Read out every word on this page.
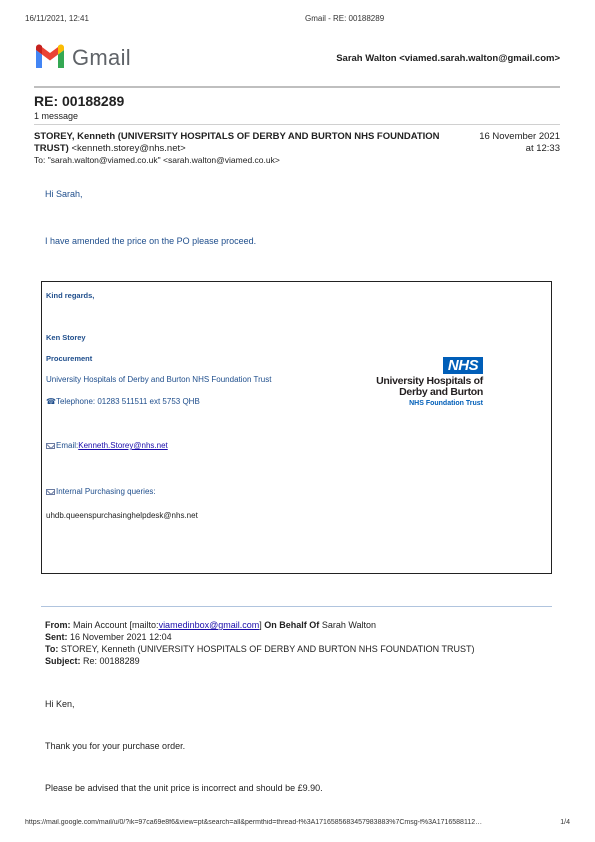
16/11/2021, 12:41	Gmail - RE: 00188289
Gmail	Sarah Walton <viamed.sarah.walton@gmail.com>
RE: 00188289
1 message
STOREY, Kenneth (UNIVERSITY HOSPITALS OF DERBY AND BURTON NHS FOUNDATION TRUST) <kenneth.storey@nhs.net>
16 November 2021
at 12:33
To: "sarah.walton@viamed.co.uk" <sarah.walton@viamed.co.uk>
Hi Sarah,
I have amended the price on the PO please proceed.
Kind regards,
Ken Storey
Procurement
University Hospitals of Derby and Burton NHS Foundation Trust
☎Telephone: 01283 511511 ext 5753 QHB
Email:Kenneth.Storey@nhs.net
Internal Purchasing queries:
uhdb.queenspurchasinghelpdesk@nhs.net
NHS
University Hospitals of
Derby and Burton
NHS Foundation Trust
From: Main Account [mailto:viamedinbox@gmail.com] On Behalf Of Sarah Walton
Sent: 16 November 2021 12:04
To: STOREY, Kenneth (UNIVERSITY HOSPITALS OF DERBY AND BURTON NHS FOUNDATION TRUST)
Subject: Re: 00188289
Hi Ken,
Thank you for your purchase order.
Please be advised that the unit price is incorrect and should be £9.90.
https://mail.google.com/mail/u/0/?ik=97ca69e8f6&view=pt&search=all&permthid=thread-f%3A1716585683457983883%7Cmsg-f%3A1716588112…	1/4
